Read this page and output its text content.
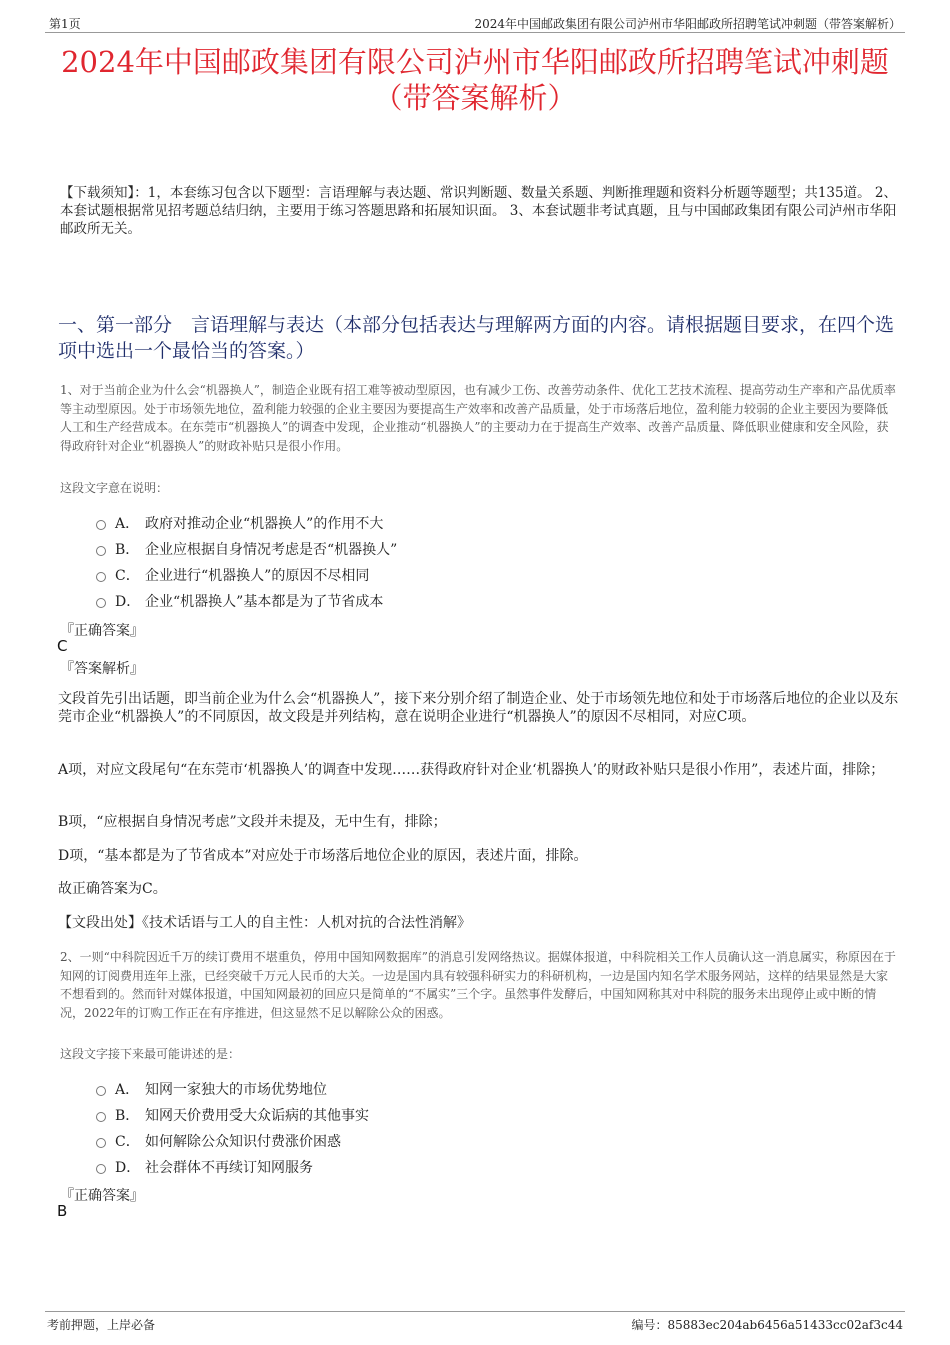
第1页	2024年中国邮政集团有限公司泸州市华阳邮政所招聘笔试冲刺题（带答案解析）
2024年中国邮政集团有限公司泸州市华阳邮政所招聘笔试冲刺题（带答案解析）
【下载须知】：1，本套练习包含以下题型：言语理解与表达题、常识判断题、数量关系题、判断推理题和资料分析题等题型；共135道。 2、本套试题根据常见招考题总结归纳，主要用于练习答题思路和拓展知识面。 3、本套试题非考试真题，且与中国邮政集团有限公司泸州市华阳邮政所无关。
一、第一部分　言语理解与表达（本部分包括表达与理解两方面的内容。请根据题目要求，在四个选项中选出一个最恰当的答案。）
1、对于当前企业为什么会“机器换人”，制造企业既有招工难等被动型原因，也有减少工伤、改善劳动条件、优化工艺技术流程、提高劳动生产率和产品优质率等主动型原因。处于市场领先地位，盈利能力较强的企业主要因为要提高生产效率和改善产品质量，处于市场落后地位，盈利能力较弱的企业主要因为要降低人工和生产经营成本。在东莞市“机器换人”的调查中发现，企业推动“机器换人”的主要动力在于提高生产效率、改善产品质量、降低职业健康和安全风险，获得政府针对企业“机器换人”的财政补贴只是很小作用。
这段文字意在说明：
A． 政府对推动企业“机器换人”的作用不大
B． 企业应根据自身情况考虑是否“机器换人”
C． 企业进行“机器换人”的原因不尽相同
D． 企业“机器换人”基本都是为了节省成本
『正确答案』
C
『答案解析』
文段首先引出话题，即当前企业为什么会“机器换人”，接下来分别介绍了制造企业、处于市场领先地位和处于市场落后地位的企业以及东莞市企业“机器换人”的不同原因，故文段是并列结构，意在说明企业进行“机器换人”的原因不尽相同，对应C项。
A项，对应文段尾句“在东莞市‘机器换人’的调查中发现……获得政府针对企业‘机器换人’的财政补贴只是很小作用”，表述片面，排除；
B项，“应根据自身情况考虑”文段并未提及，无中生有，排除；
D项，“基本都是为了节省成本”对应处于市场落后地位企业的原因，表述片面，排除。
故正确答案为C。
【文段出处】《技术话语与工人的自主性：人机对抗的合法性消解》
2、一则“中科院因近千万的续订费用不堪重负，停用中国知网数据库”的消息引发网络热议。据媒体报道，中科院相关工作人员确认这一消息属实，称原因在于知网的订阅费用连年上涨，已经突破千万元人民币的大关。一边是国内具有较强科研实力的科研机构，一边是国内知名学术服务网站，这样的结果显然是大家不想看到的。然而针对媒体报道，中国知网最初的回应只是简单的“不属实”三个字。虽然事件发酵后，中国知网称其对中科院的服务未出现停止或中断的情况，2022年的订购工作正在有序推进，但这显然不足以解除公众的困惑。
这段文字接下来最可能讲述的是：
A． 知网一家独大的市场优势地位
B． 知网天价费用受大众诟病的其他事实
C． 如何解除公众知识付费涨价困惑
D． 社会群体不再续订知网服务
『正确答案』
B
考前押题，上岸必备	编号：85883ec204ab6456a51433cc02af3c44
